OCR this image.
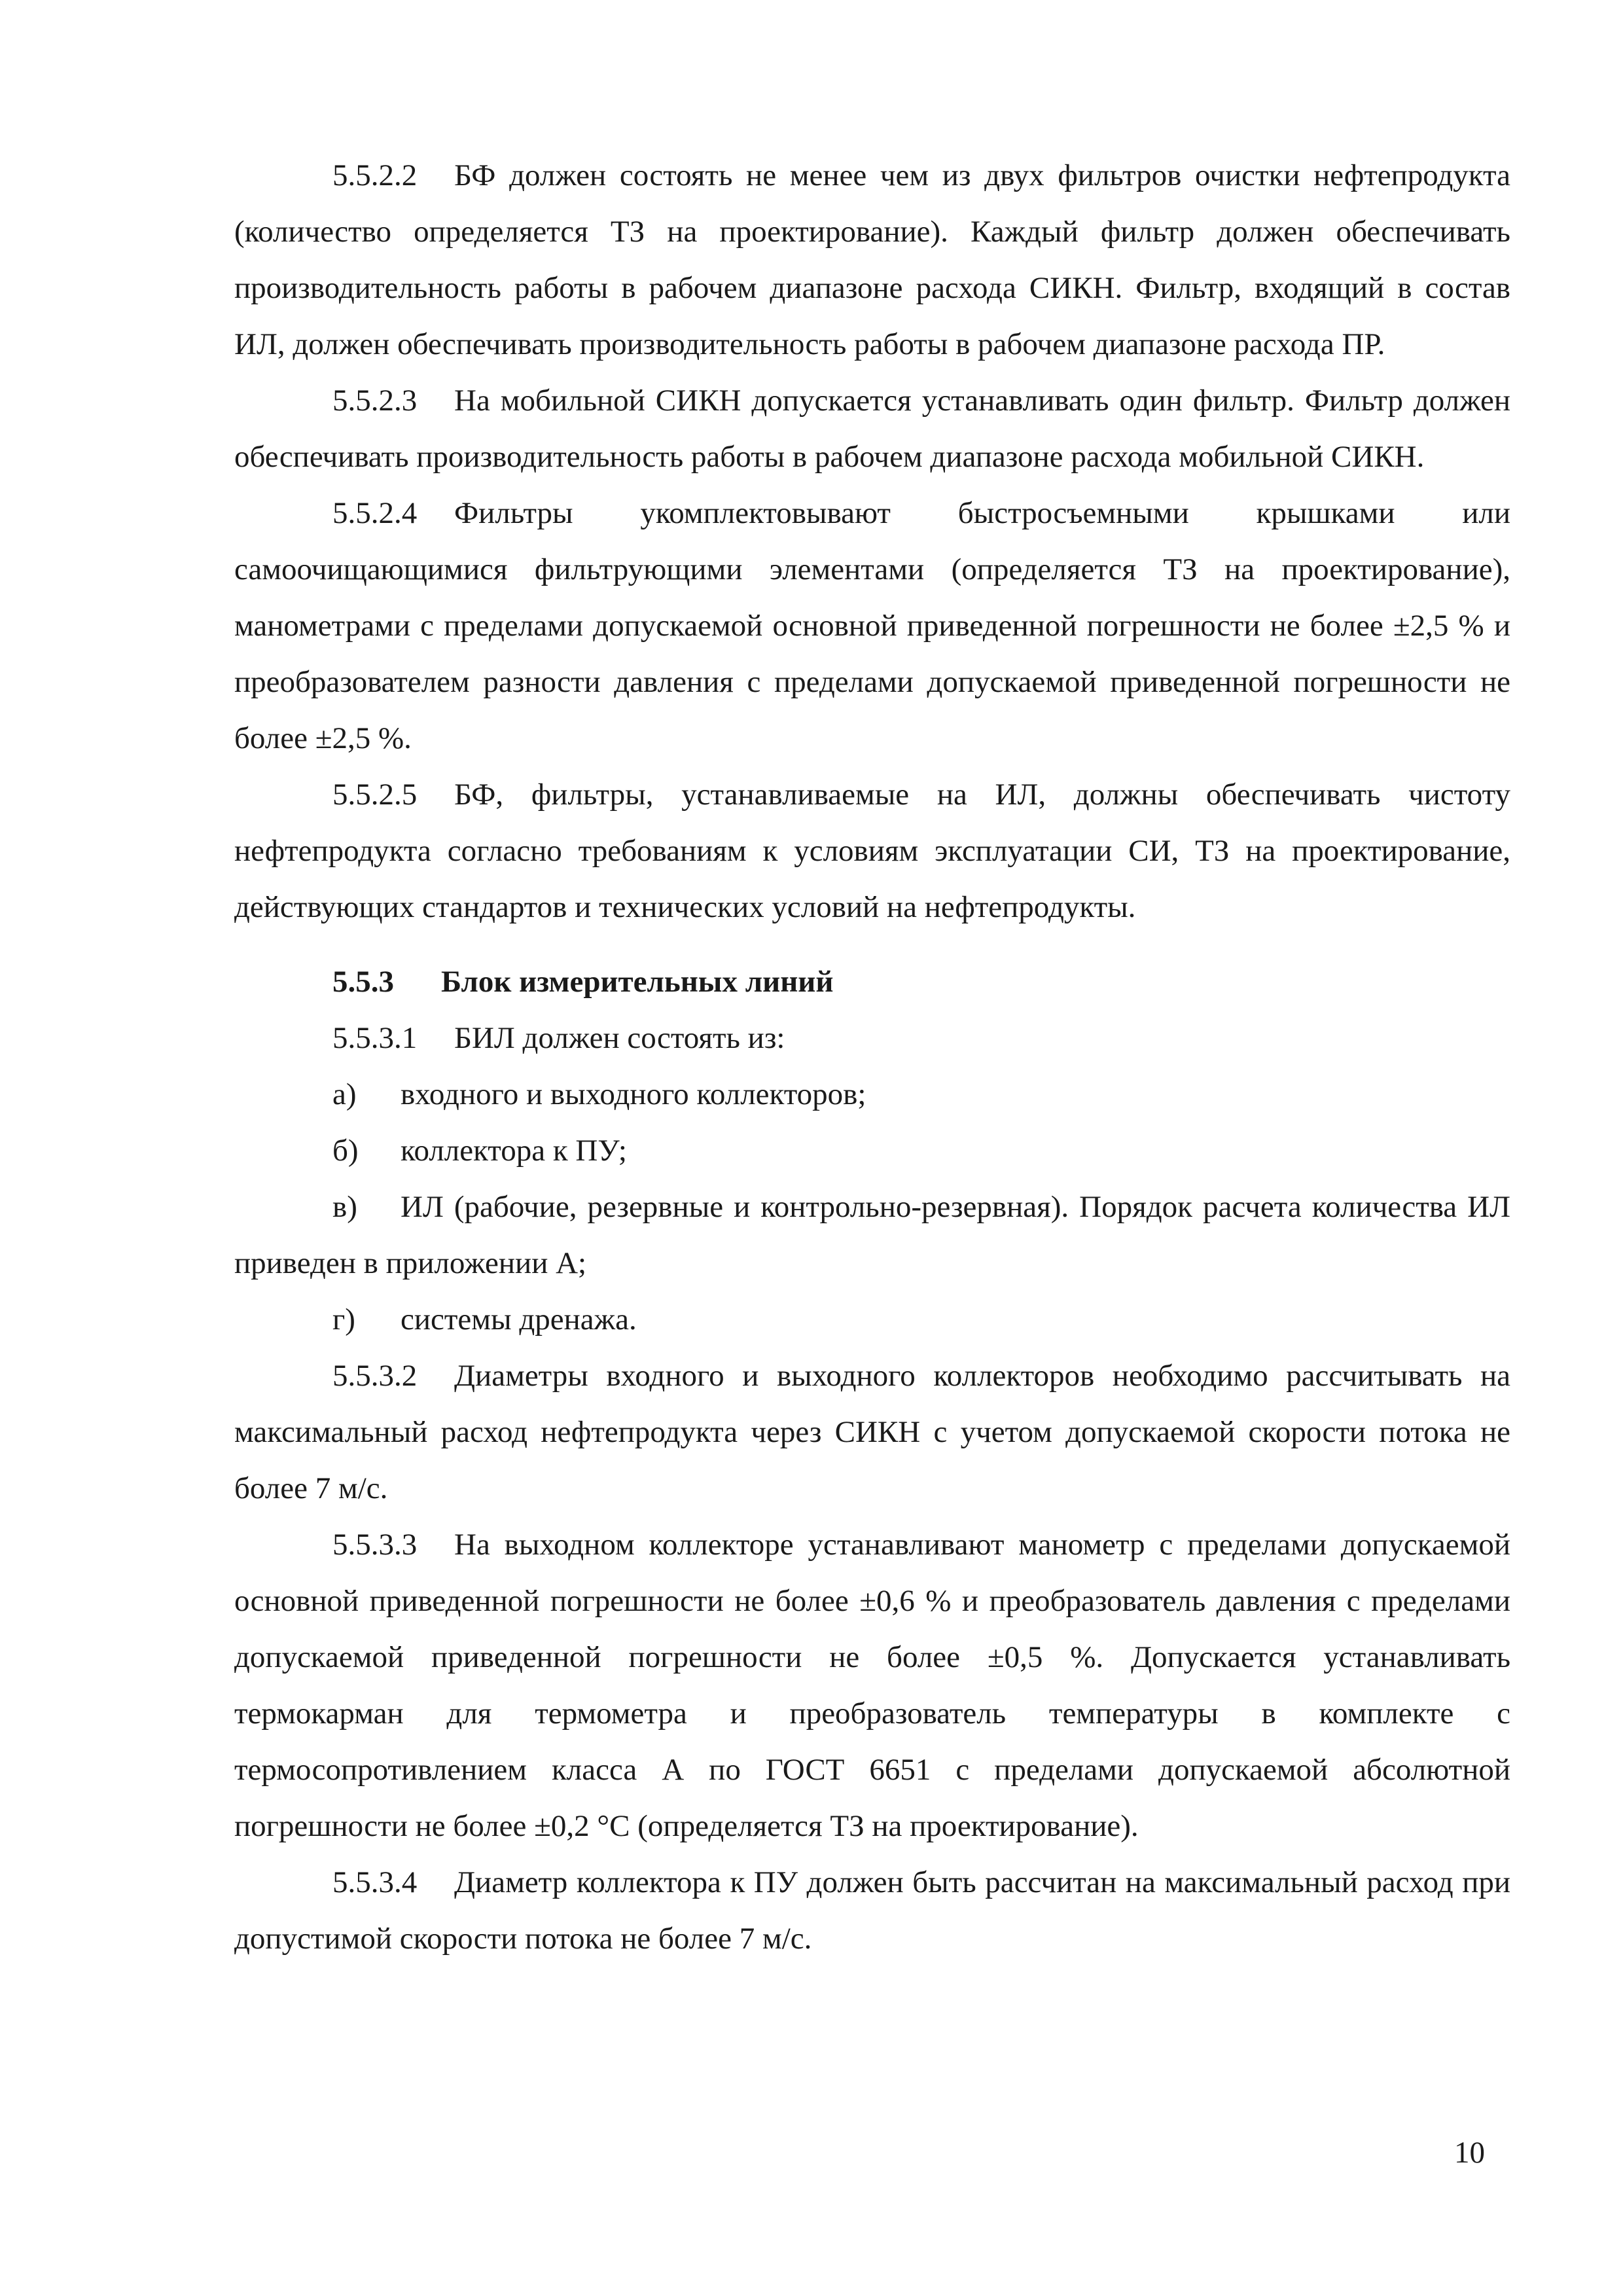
5.5.2.2 БФ должен состоять не менее чем из двух фильтров очистки нефтепродукта (количество определяется ТЗ на проектирование). Каждый фильтр должен обеспечивать производительность работы в рабочем диапазоне расхода СИКН. Фильтр, входящий в состав ИЛ, должен обеспечивать производительность работы в рабочем диапазоне расхода ПР.

5.5.2.3 На мобильной СИКН допускается устанавливать один фильтр. Фильтр должен обеспечивать производительность работы в рабочем диапазоне расхода мобильной СИКН.

5.5.2.4 Фильтры укомплектовывают быстросъемными крышками или самоочищающимися фильтрующими элементами (определяется ТЗ на проектирование), манометрами с пределами допускаемой основной приведенной погрешности не более ±2,5 % и преобразователем разности давления с пределами допускаемой приведенной погрешности не более ±2,5 %.

5.5.2.5 БФ, фильтры, устанавливаемые на ИЛ, должны обеспечивать чистоту нефтепродукта согласно требованиям к условиям эксплуатации СИ, ТЗ на проектирование, действующих стандартов и технических условий на нефтепродукты.

5.5.3 Блок измерительных линий

5.5.3.1 БИЛ должен состоять из:

а) входного и выходного коллекторов;

б) коллектора к ПУ;

в) ИЛ (рабочие, резервные и контрольно-резервная). Порядок расчета количества ИЛ приведен в приложении А;

г) системы дренажа.

5.5.3.2 Диаметры входного и выходного коллекторов необходимо рассчитывать на максимальный расход нефтепродукта через СИКН с учетом допускаемой скорости потока не более 7 м/с.

5.5.3.3 На выходном коллекторе устанавливают манометр с пределами допускаемой основной приведенной погрешности не более ±0,6 % и преобразователь давления с пределами допускаемой приведенной погрешности не более ±0,5 %. Допускается устанавливать термокарман для термометра и преобразователь температуры в комплекте с термосопротивлением класса А по ГОСТ 6651 с пределами допускаемой абсолютной погрешности не более ±0,2 °С (определяется ТЗ на проектирование).

5.5.3.4 Диаметр коллектора к ПУ должен быть рассчитан на максимальный расход при допустимой скорости потока не более 7 м/с.

10
